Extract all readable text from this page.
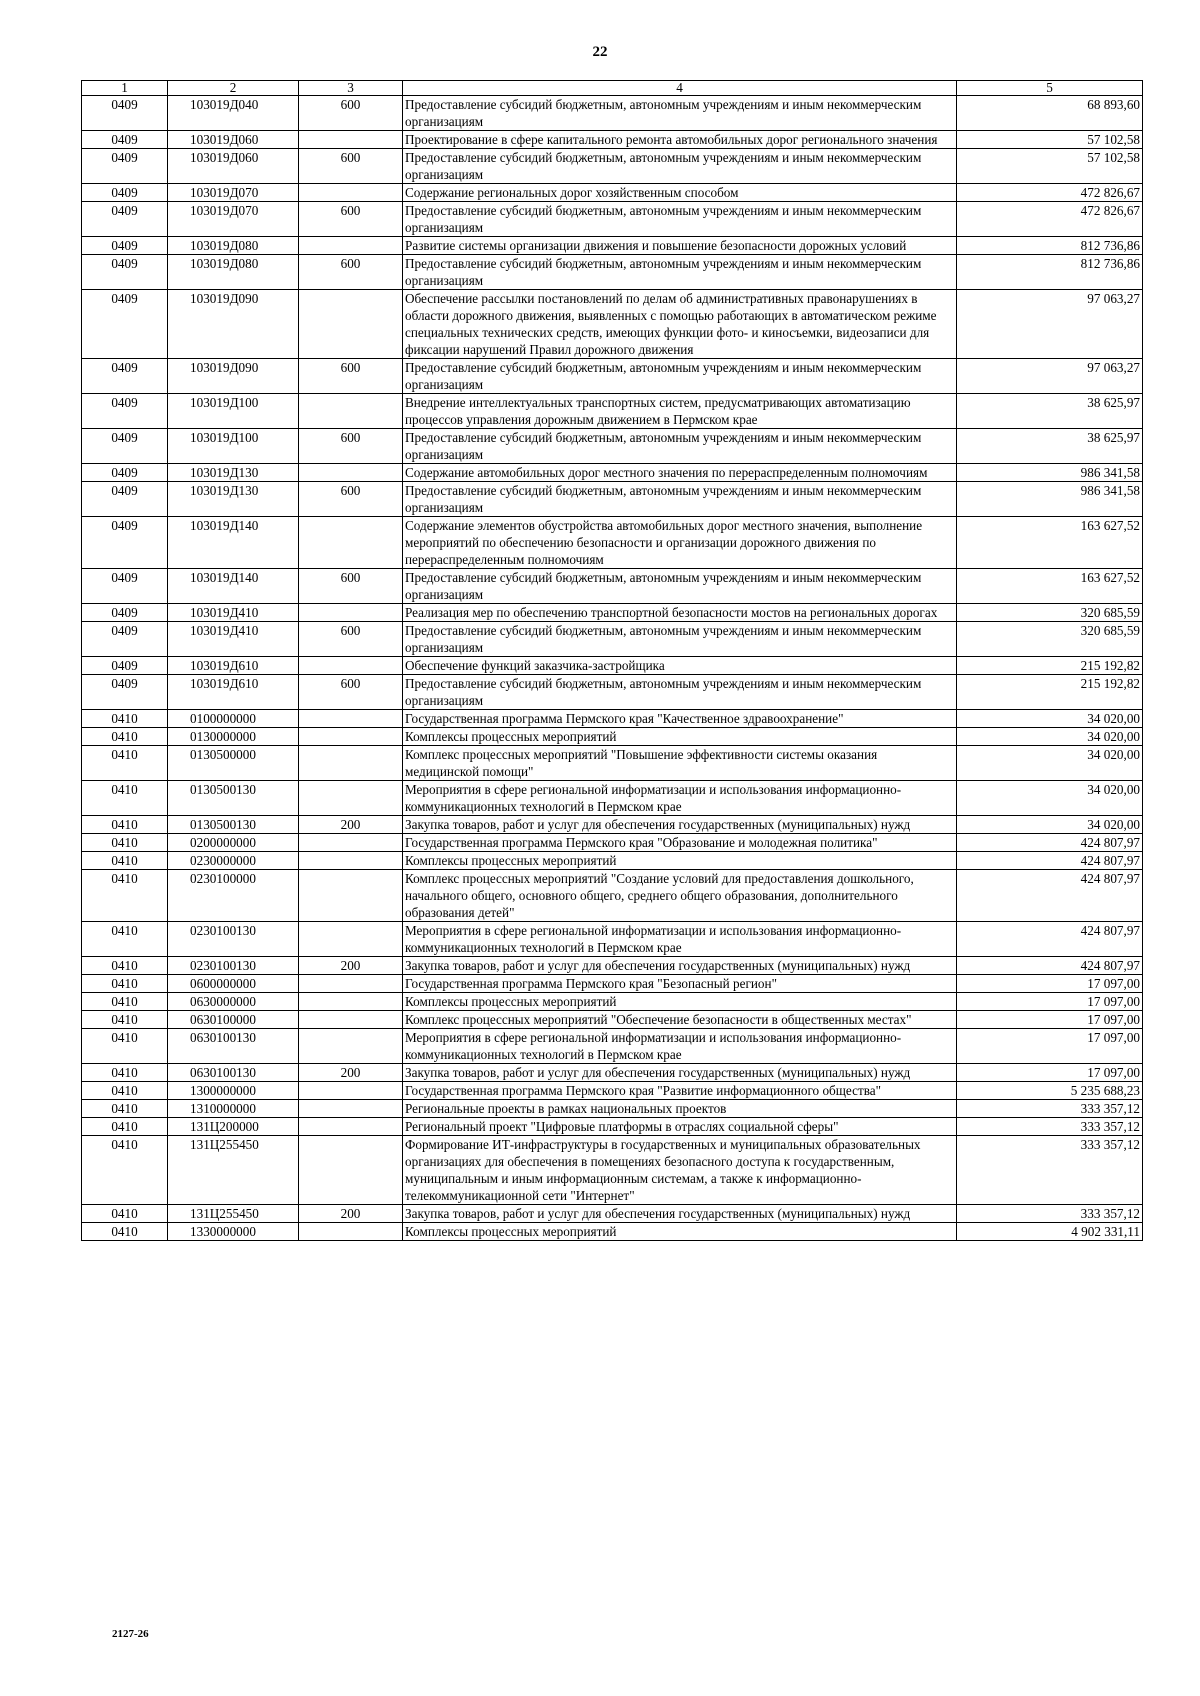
22
1	2	3	4	5
0409	103019Д040	600	Предоставление субсидий бюджетным, автономным учреждениям и иным некоммерческим организациям	68 893,60
0409	103019Д060		Проектирование в сфере капитального ремонта автомобильных дорог регионального значения	57 102,58
0409	103019Д060	600	Предоставление субсидий бюджетным, автономным учреждениям и иным некоммерческим организациям	57 102,58
0409	103019Д070		Содержание региональных дорог хозяйственным способом	472 826,67
0409	103019Д070	600	Предоставление субсидий бюджетным, автономным учреждениям и иным некоммерческим организациям	472 826,67
0409	103019Д080		Развитие системы организации движения и повышение безопасности дорожных условий	812 736,86
0409	103019Д080	600	Предоставление субсидий бюджетным, автономным учреждениям и иным некоммерческим организациям	812 736,86
0409	103019Д090		Обеспечение рассылки постановлений по делам об административных правонарушениях в области дорожного движения, выявленных с помощью работающих в автоматическом режиме специальных технических средств, имеющих функции фото- и киносъемки, видеозаписи для фиксации нарушений Правил дорожного движения	97 063,27
0409	103019Д090	600	Предоставление субсидий бюджетным, автономным учреждениям и иным некоммерческим организациям	97 063,27
0409	103019Д100		Внедрение интеллектуальных транспортных систем, предусматривающих автоматизацию процессов управления дорожным движением в Пермском крае	38 625,97
0409	103019Д100	600	Предоставление субсидий бюджетным, автономным учреждениям и иным некоммерческим организациям	38 625,97
0409	103019Д130		Содержание автомобильных дорог местного значения по перераспределенным полномочиям	986 341,58
0409	103019Д130	600	Предоставление субсидий бюджетным, автономным учреждениям и иным некоммерческим организациям	986 341,58
0409	103019Д140		Содержание элементов обустройства автомобильных дорог местного значения, выполнение мероприятий по обеспечению безопасности и организации дорожного движения по перераспределенным полномочиям	163 627,52
0409	103019Д140	600	Предоставление субсидий бюджетным, автономным учреждениям и иным некоммерческим организациям	163 627,52
0409	103019Д410		Реализация мер по обеспечению транспортной безопасности мостов на региональных дорогах	320 685,59
0409	103019Д410	600	Предоставление субсидий бюджетным, автономным учреждениям и иным некоммерческим организациям	320 685,59
0409	103019Д610		Обеспечение функций заказчика-застройщика	215 192,82
0409	103019Д610	600	Предоставление субсидий бюджетным, автономным учреждениям и иным некоммерческим организациям	215 192,82
0410	0100000000		Государственная программа Пермского края "Качественное здравоохранение"	34 020,00
0410	0130000000		Комплексы процессных мероприятий	34 020,00
0410	0130500000		Комплекс процессных мероприятий "Повышение эффективности системы оказания медицинской помощи"	34 020,00
0410	0130500130		Мероприятия в сфере региональной информатизации и использования информационно-коммуникационных технологий в Пермском крае	34 020,00
0410	0130500130	200	Закупка товаров, работ и услуг для обеспечения государственных (муниципальных) нужд	34 020,00
0410	0200000000		Государственная программа Пермского края "Образование и молодежная политика"	424 807,97
0410	0230000000		Комплексы процессных мероприятий	424 807,97
0410	0230100000		Комплекс процессных мероприятий "Создание условий для предоставления дошкольного, начального общего, основного общего, среднего общего образования, дополнительного образования детей"	424 807,97
0410	0230100130		Мероприятия в сфере региональной информатизации и использования информационно-коммуникационных технологий в Пермском крае	424 807,97
0410	0230100130	200	Закупка товаров, работ и услуг для обеспечения государственных (муниципальных) нужд	424 807,97
0410	0600000000		Государственная программа Пермского края "Безопасный регион"	17 097,00
0410	0630000000		Комплексы процессных мероприятий	17 097,00
0410	0630100000		Комплекс процессных мероприятий "Обеспечение безопасности в общественных местах"	17 097,00
0410	0630100130		Мероприятия в сфере региональной информатизации и использования информационно-коммуникационных технологий в Пермском крае	17 097,00
0410	0630100130	200	Закупка товаров, работ и услуг для обеспечения государственных (муниципальных) нужд	17 097,00
0410	1300000000		Государственная программа Пермского края "Развитие информационного общества"	5 235 688,23
0410	1310000000		Региональные проекты в рамках национальных проектов	333 357,12
0410	131Ц200000		Региональный проект "Цифровые платформы в отраслях социальной сферы"	333 357,12
0410	131Ц255450		Формирование ИТ-инфраструктуры в государственных и муниципальных образовательных организациях для обеспечения в помещениях безопасного доступа к государственным, муниципальным и иным информационным системам, а также к информационно-телекоммуникационной сети "Интернет"	333 357,12
0410	131Ц255450	200	Закупка товаров, работ и услуг для обеспечения государственных (муниципальных) нужд	333 357,12
0410	1330000000		Комплексы процессных мероприятий	4 902 331,11
2127-26
